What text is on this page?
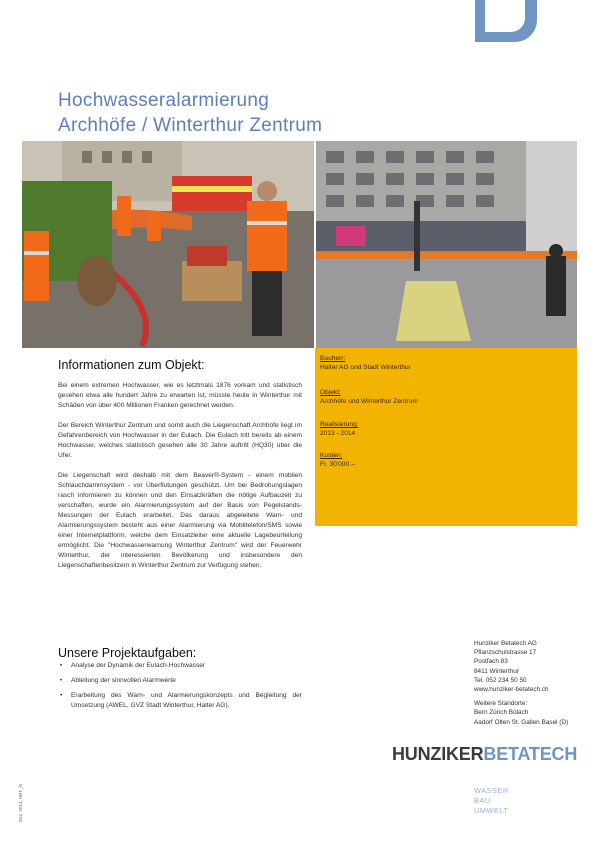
Hochwasseralarmierung
Archhöfe / Winterthur Zentrum
Informationen zum Objekt:

Bei einem extremen Hochwasser, wie es letztmals 1876 vorkam und statistisch gesehen etwa alle hundert Jahre zu erwarten ist, müsste heute in Winterthur mit Schäden von über 400 Millionen Franken gerechnet werden.

Der Bereich Winterthur Zentrum und somit auch die Liegenschaft Archhöfe liegt im Gefahrenbereich von Hochwasser in der Eulach. Die Eulach tritt bereits ab einem Hochwasser, welches statistisch gesehen alle 30 Jahre auftritt (HQ30) über die Ufer.

Die Liegenschaft wird deshalb mit dem Beaver®-System - einem mobilen Schlauchdammsystem - vor Überflutungen geschützt. Um bei Bedrohungslagen rasch informieren zu können und den Einsatzkräften die nötige Aufbauzeit zu verschaffen, wurde ein Alarmierungssystem auf der Basis von Pegelstands-Messungen der Eulach erarbeitet. Das daraus abgeleitete Warn- und Alarmierungssystem besteht aus einer Alarmierung via Mobiltelefon/SMS sowie einer Internetplattform, welche dem Einsatzleiter eine aktuelle Lagebeurteilung ermöglicht. Die "Hochwasserwarnung Winterthur Zentrum" wird der Feuerwehr Winterthur, der interessierten Bevölkerung und insbesondere den Liegenschaftenbesitzern in Winterthur Zentrum zur Verfügung stehen.

Bauherr:
Halter AG und Stadt Winterthur
Objekt:
Archhöfe und Winterthur Zentrum
Realisierung:
2013 - 2014
Kosten:
Fr. 30'000.--
Unsere Projektaufgaben:
• Analyse der Dynamik der Eulach-Hochwasser
• Ableitung der sinnvollen Alarmwerte
• Erarbeitung des Warn- und Alarmierungskonzepts und Begleitung der Umsetzung (AWEL, GVZ Stadt Winterthur, Halter AG).
Hunziker Betatech AG
Pflanzschulstrasse 17
Postfach 83
8411 Winterthur
Tel. 052 234 50 50
www.hunziker-betatech.ch
Weitere Standorte:
Bern Zürich Bülach
Aadorf Olten St. Gallen Basel (D)
HUNZIKERBETATECH
WASSER
BAU
UMWELT
Dez. 2014, HBT_fo
